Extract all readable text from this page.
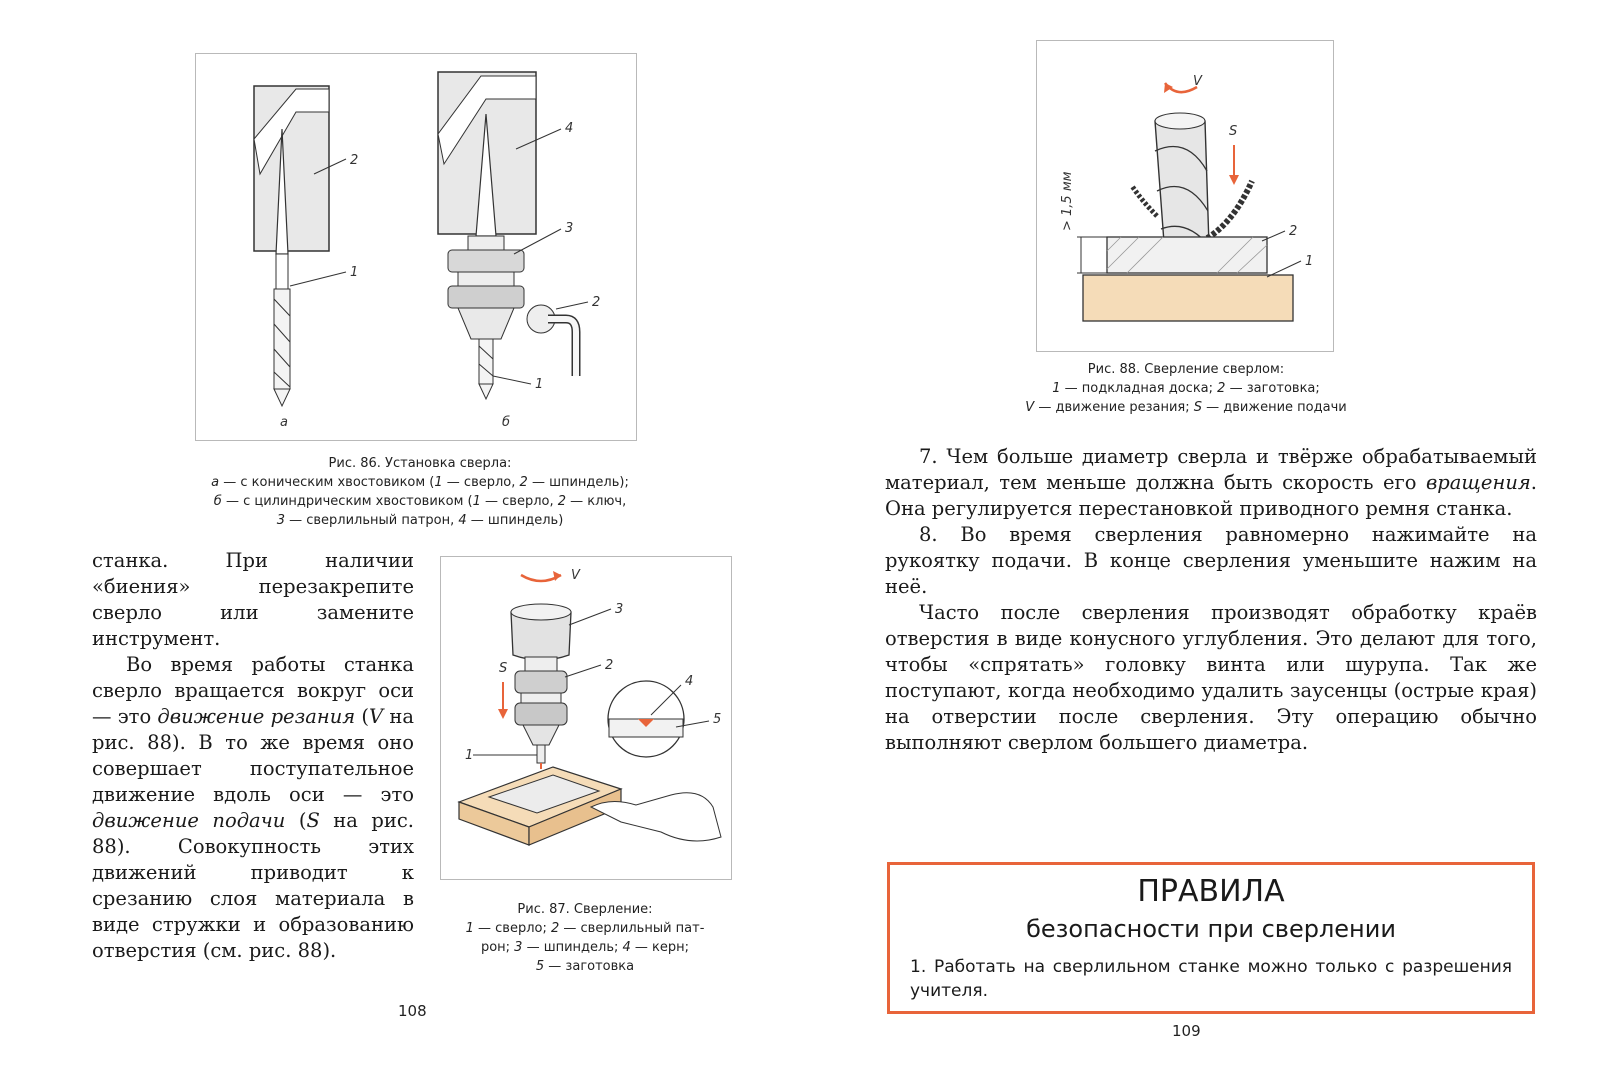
2
1
а
4
3
1
2
б
Рис. 86. Установка сверла:
а — с коническим хвостовиком (1 — сверло, 2 — шпиндель);
б — с цилиндрическим хвостовиком (1 — сверло, 2 — ключ,
3 — сверлильный патрон, 4 — шпиндель)

станка. При наличии «биения» перезакрепите сверло или замените инструмент.

Во время работы станка сверло вращается вокруг оси — это движение резания (V на рис. 88). В то же время оно совершает поступательное движение вдоль оси — это движение подачи (S на рис. 88). Совокупность этих движений приводит к срезанию слоя материала в виде стружки и образованию отверстия (см. рис. 88).

V
3
2
1
S
4
5
Рис. 87. Сверление:
1 — сверло; 2 — сверлильный пат-
рон; 3 — шпиндель; 4 — керн;
5 — заготовка
108
V
S
2
1
> 1,5 мм
Рис. 88. Сверление сверлом:
1 — подкладная доска; 2 — заготовка;
V — движение резания; S — движение подачи

7. Чем больше диаметр сверла и твёрже обрабатываемый материал, тем меньше должна быть скорость его вращения. Она регулируется перестановкой приводного ремня станка.

8. Во время сверления равномерно нажимайте на рукоятку подачи. В конце сверления уменьшите нажим на неё.

Часто после сверления производят обработку краёв отверстия в виде конусного углубления. Это делают для того, чтобы «спрятать» головку винта или шурупа. Так же поступают, когда необходимо удалить заусенцы (острые края) на отверстии после сверления. Эту операцию обычно выполняют сверлом большего диаметра.

ПРАВИЛА
безопасности при сверлении
1. Работать на сверлильном станке можно только с разрешения учителя.
109
